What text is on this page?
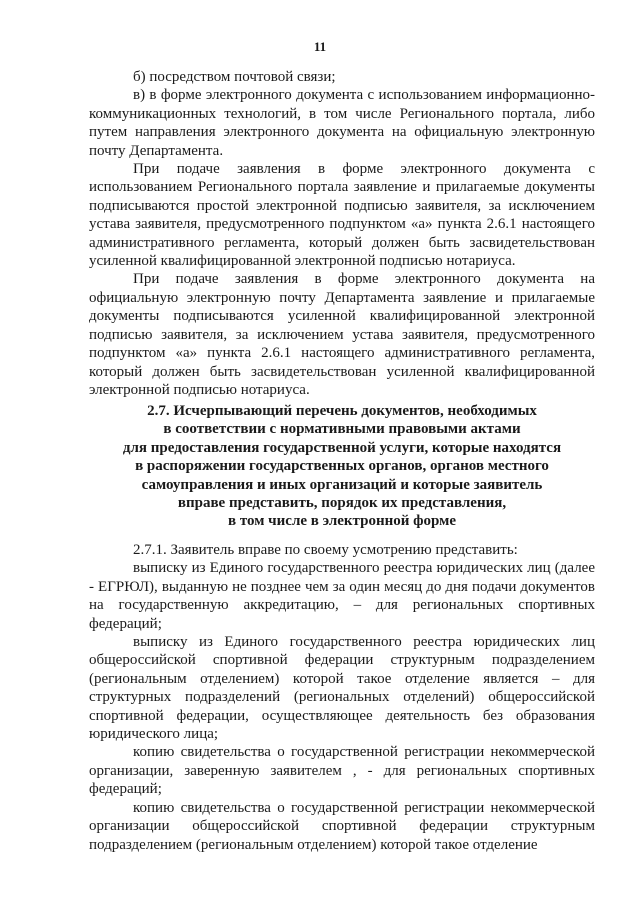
11

б) посредством почтовой связи;

в) в форме электронного документа с использованием информационно-коммуникационных технологий, в том числе Регионального портала, либо путем направления электронного документа на официальную электронную почту Департамента.

При подаче заявления в форме электронного документа с использованием Регионального портала заявление и прилагаемые документы подписываются простой электронной подписью заявителя, за исключением устава заявителя, предусмотренного подпунктом «а» пункта 2.6.1 настоящего административного регламента, который должен быть засвидетельствован усиленной квалифицированной электронной подписью нотариуса.

При подаче заявления в форме электронного документа на официальную электронную почту Департамента заявление и прилагаемые документы подписываются усиленной квалифицированной электронной подписью заявителя, за исключением устава заявителя, предусмотренного подпунктом «а» пункта 2.6.1 настоящего административного регламента, который должен быть засвидетельствован усиленной квалифицированной электронной подписью нотариуса.

2.7. Исчерпывающий перечень документов, необходимых
в соответствии с нормативными правовыми актами
для предоставления государственной услуги, которые находятся
в распоряжении государственных органов, органов местного
самоуправления и иных организаций и которые заявитель
вправе представить, порядок их представления,
в том числе в электронной форме

2.7.1. Заявитель вправе по своему усмотрению представить:

выписку из Единого государственного реестра юридических лиц (далее - ЕГРЮЛ), выданную не позднее чем за один месяц до дня подачи документов на государственную аккредитацию, – для региональных спортивных федераций;

выписку из Единого государственного реестра юридических лиц общероссийской спортивной федерации структурным подразделением (региональным отделением) которой такое отделение является – для структурных подразделений (региональных отделений) общероссийской спортивной федерации, осуществляющее деятельность без образования юридического лица;

копию свидетельства о государственной регистрации некоммерческой организации, заверенную заявителем , - для региональных спортивных федераций;

копию свидетельства о государственной регистрации некоммерческой организации общероссийской спортивной федерации структурным подразделением (региональным отделением) которой такое отделение
